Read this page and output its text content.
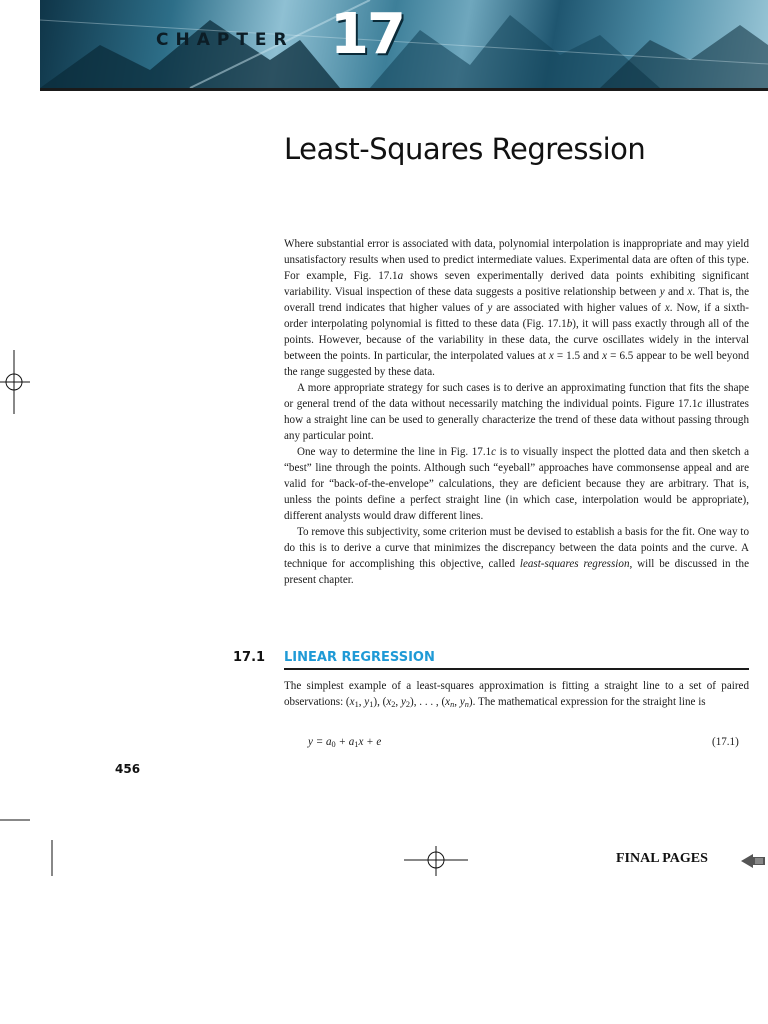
CHAPTER 17
Least-Squares Regression

Where substantial error is associated with data, polynomial interpolation is inappropriate and may yield unsatisfactory results when used to predict intermediate values. Experimental data are often of this type. For example, Fig. 17.1a shows seven experimentally derived data points exhibiting significant variability. Visual inspection of these data suggests a positive relationship between y and x. That is, the overall trend indicates that higher values of y are associated with higher values of x. Now, if a sixth-order interpolating polynomial is fitted to these data (Fig. 17.1b), it will pass exactly through all of the points. However, because of the variability in these data, the curve oscillates widely in the interval between the points. In particular, the interpolated values at x = 1.5 and x = 6.5 appear to be well beyond the range suggested by these data.

A more appropriate strategy for such cases is to derive an approximating function that fits the shape or general trend of the data without necessarily matching the individual points. Figure 17.1c illustrates how a straight line can be used to generally characterize the trend of these data without passing through any particular point.

One way to determine the line in Fig. 17.1c is to visually inspect the plotted data and then sketch a “best” line through the points. Although such “eyeball” approaches have commonsense appeal and are valid for “back-of-the-envelope” calculations, they are deficient because they are arbitrary. That is, unless the points define a perfect straight line (in which case, interpolation would be appropriate), different analysts would draw different lines.

To remove this subjectivity, some criterion must be devised to establish a basis for the fit. One way to do this is to derive a curve that minimizes the discrepancy between the data points and the curve. A technique for accomplishing this objective, called least-squares regression, will be discussed in the present chapter.

17.1 LINEAR REGRESSION

The simplest example of a least-squares approximation is fitting a straight line to a set of paired observations: ($x_1$, $y_1$), ($x_2$, $y_2$), . . . , ($x_n$, $y_n$). The mathematical expression for the straight line is

$y = a_0 + a_1x + e$	(17.1)
456
FINAL PAGES
